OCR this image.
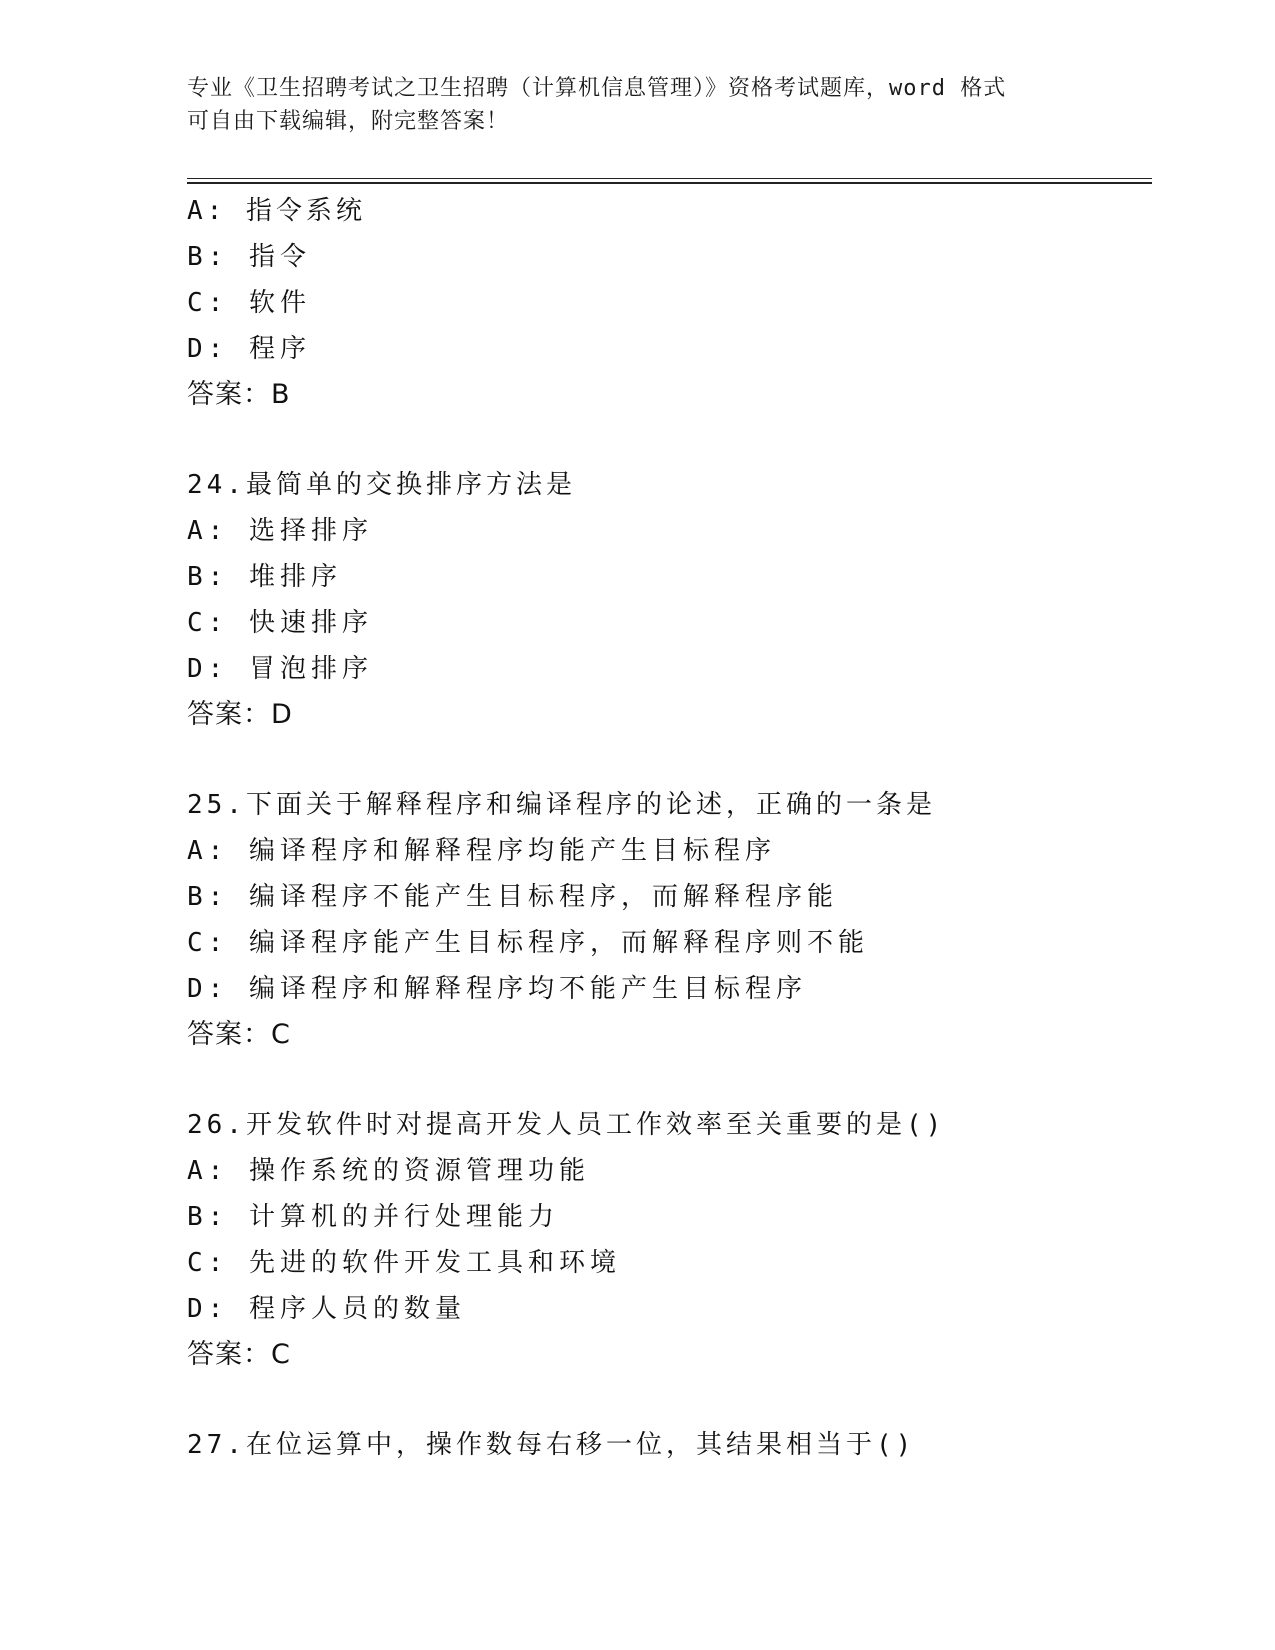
专业《卫生招聘考试之卫生招聘（计算机信息管理）》资格考试题库，word 格式
可自由下载编辑，附完整答案！
A: 指令系统
B: 指令
C: 软件
D: 程序
答案：B
24.最简单的交换排序方法是
A: 选择排序
B: 堆排序
C: 快速排序
D: 冒泡排序
答案：D
25.下面关于解释程序和编译程序的论述，正确的一条是
A: 编译程序和解释程序均能产生目标程序
B: 编译程序不能产生目标程序，而解释程序能
C: 编译程序能产生目标程序，而解释程序则不能
D: 编译程序和解释程序均不能产生目标程序
答案：C
26.开发软件时对提高开发人员工作效率至关重要的是()
A: 操作系统的资源管理功能
B: 计算机的并行处理能力
C: 先进的软件开发工具和环境
D: 程序人员的数量
答案：C
27.在位运算中，操作数每右移一位，其结果相当于()
